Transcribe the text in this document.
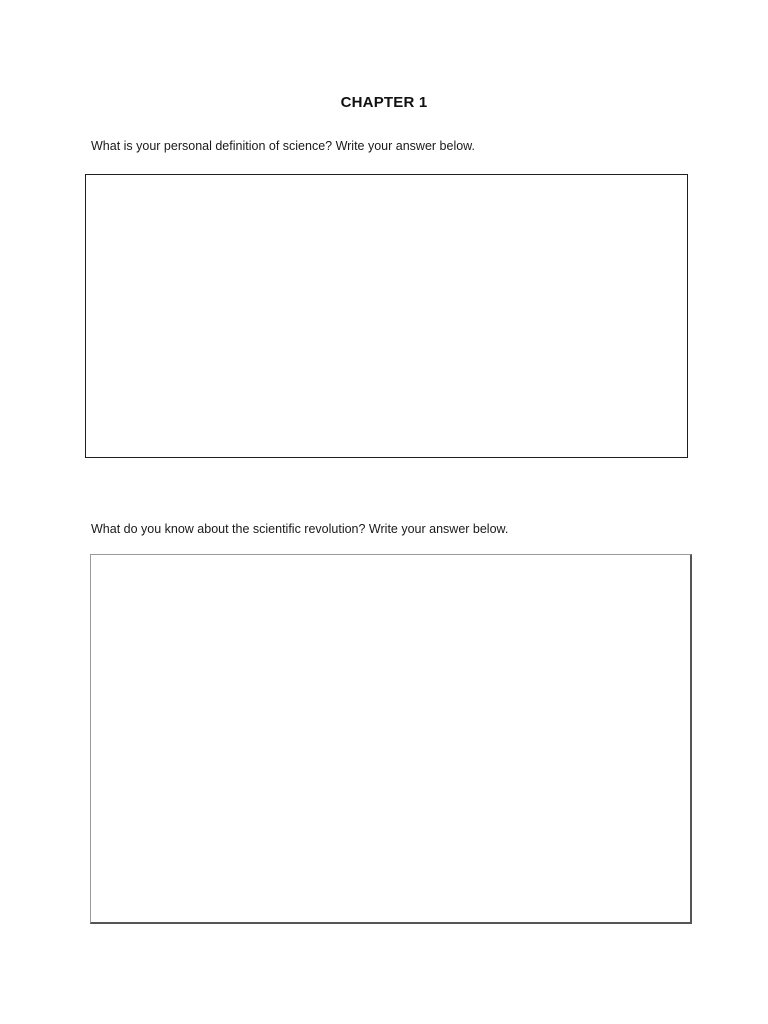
CHAPTER 1
What is your personal definition of science? Write your answer below.
What do you know about the scientific revolution? Write your answer below.
